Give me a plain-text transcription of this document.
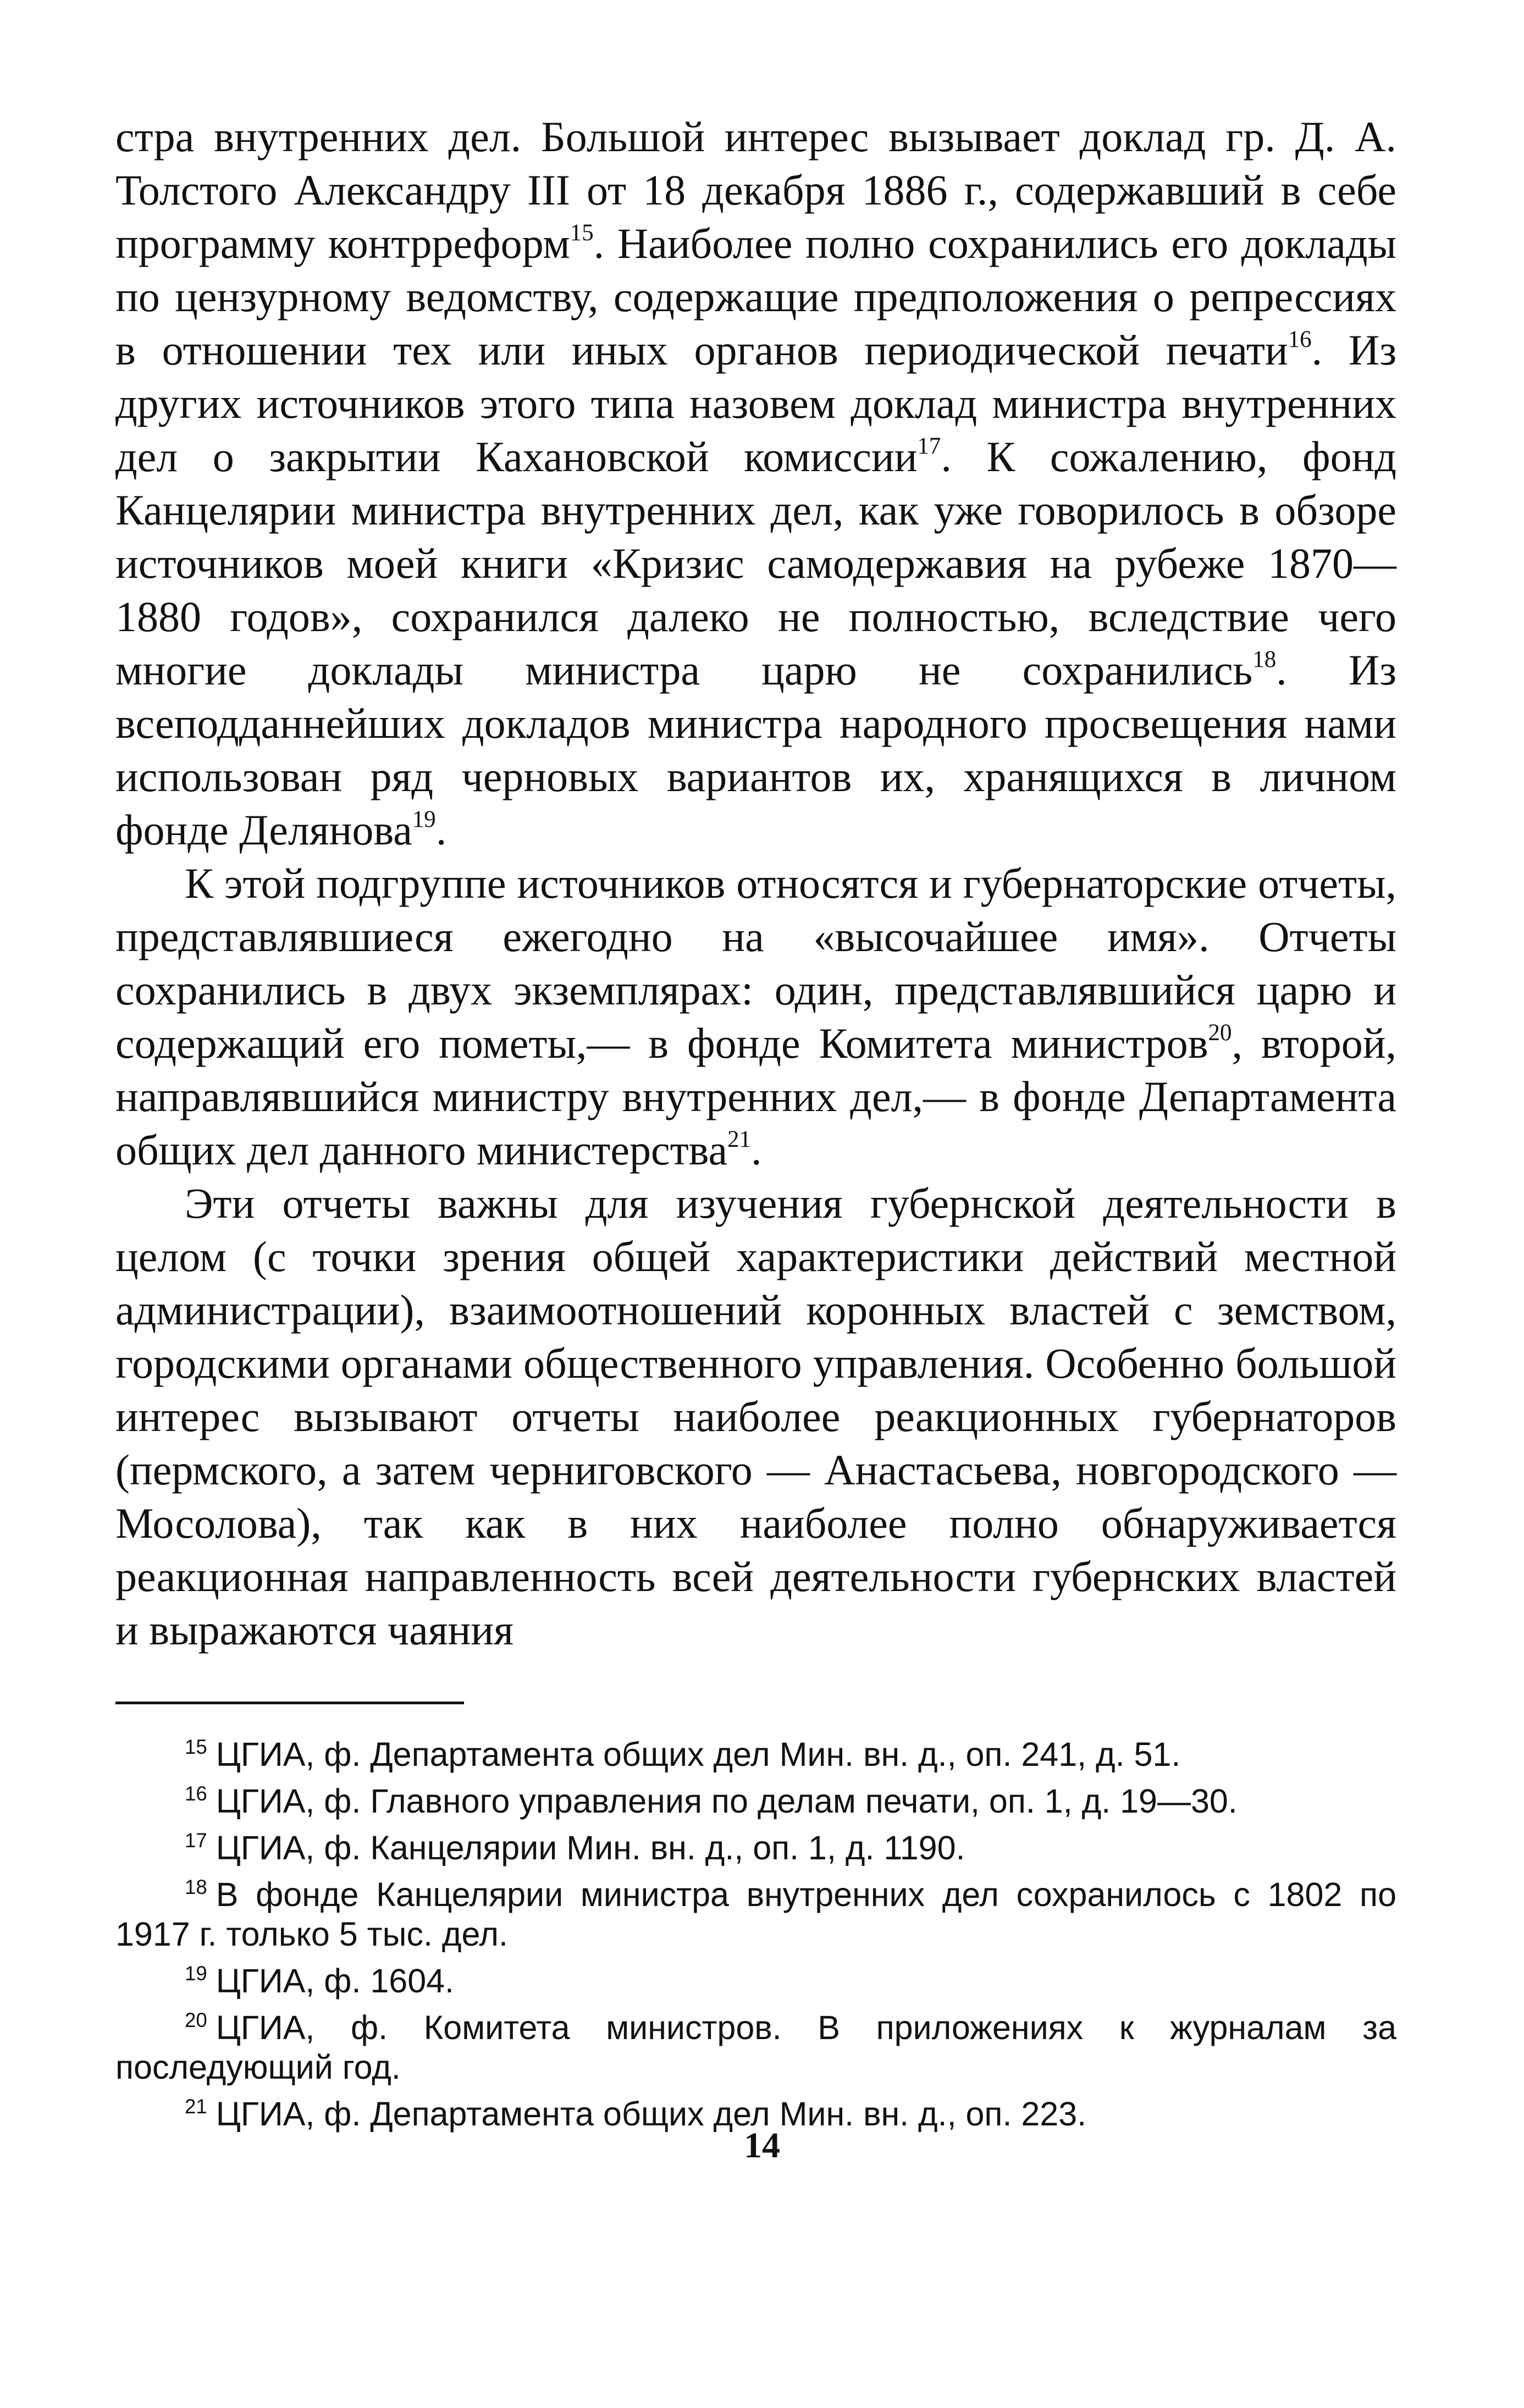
стра внутренних дел. Большой интерес вызывает доклад гр. Д. А. Толстого Александру III от 18 декабря 1886 г., содержавший в себе программу контрреформ$^{15}$. Наиболее полно сохранились его доклады по цензурному ведомству, содержащие предположения о репрессиях в отношении тех или иных органов периодической печати$^{16}$. Из других источников этого типа назовем доклад министра внутренних дел о закрытии Кахановской комиссии$^{17}$. К сожалению, фонд Канцелярии министра внутренних дел, как уже говорилось в обзоре источников моей книги «Кризис самодержавия на рубеже 1870—1880 годов», сохранился далеко не полностью, вследствие чего многие доклады министра царю не сохранились$^{18}$. Из всеподданнейших докладов министра народного просвещения нами использован ряд черновых вариантов их, хранящихся в личном фонде Делянова$^{19}$.

К этой подгруппе источников относятся и губернаторские отчеты, представлявшиеся ежегодно на «высочайшее имя». Отчеты сохранились в двух экземплярах: один, представлявшийся царю и содержащий его пометы,— в фонде Комитета министров$^{20}$, второй, направлявшийся министру внутренних дел,— в фонде Департамента общих дел данного министерства$^{21}$.

Эти отчеты важны для изучения губернской деятельности в целом (с точки зрения общей характеристики действий местной администрации), взаимоотношений коронных властей с земством, городскими органами общественного управления. Особенно большой интерес вызывают отчеты наиболее реакционных губернаторов (пермского, а затем черниговского — Анастасьева, новгородского — Мосолова), так как в них наиболее полно обнаруживается реакционная направленность всей деятельности губернских властей и выражаются чаяния

$^{15}$ ЦГИА, ф. Департамента общих дел Мин. вн. д., оп. 241, д. 51.

$^{16}$ ЦГИА, ф. Главного управления по делам печати, оп. 1, д. 19—30.

$^{17}$ ЦГИА, ф. Канцелярии Мин. вн. д., оп. 1, д. 1190.

$^{18}$ В фонде Канцелярии министра внутренних дел сохранилось с 1802 по 1917 г. только 5 тыс. дел.

$^{19}$ ЦГИА, ф. 1604.

$^{20}$ ЦГИА, ф. Комитета министров. В приложениях к журналам за последующий год.

$^{21}$ ЦГИА, ф. Департамента общих дел Мин. вн. д., оп. 223.

14
